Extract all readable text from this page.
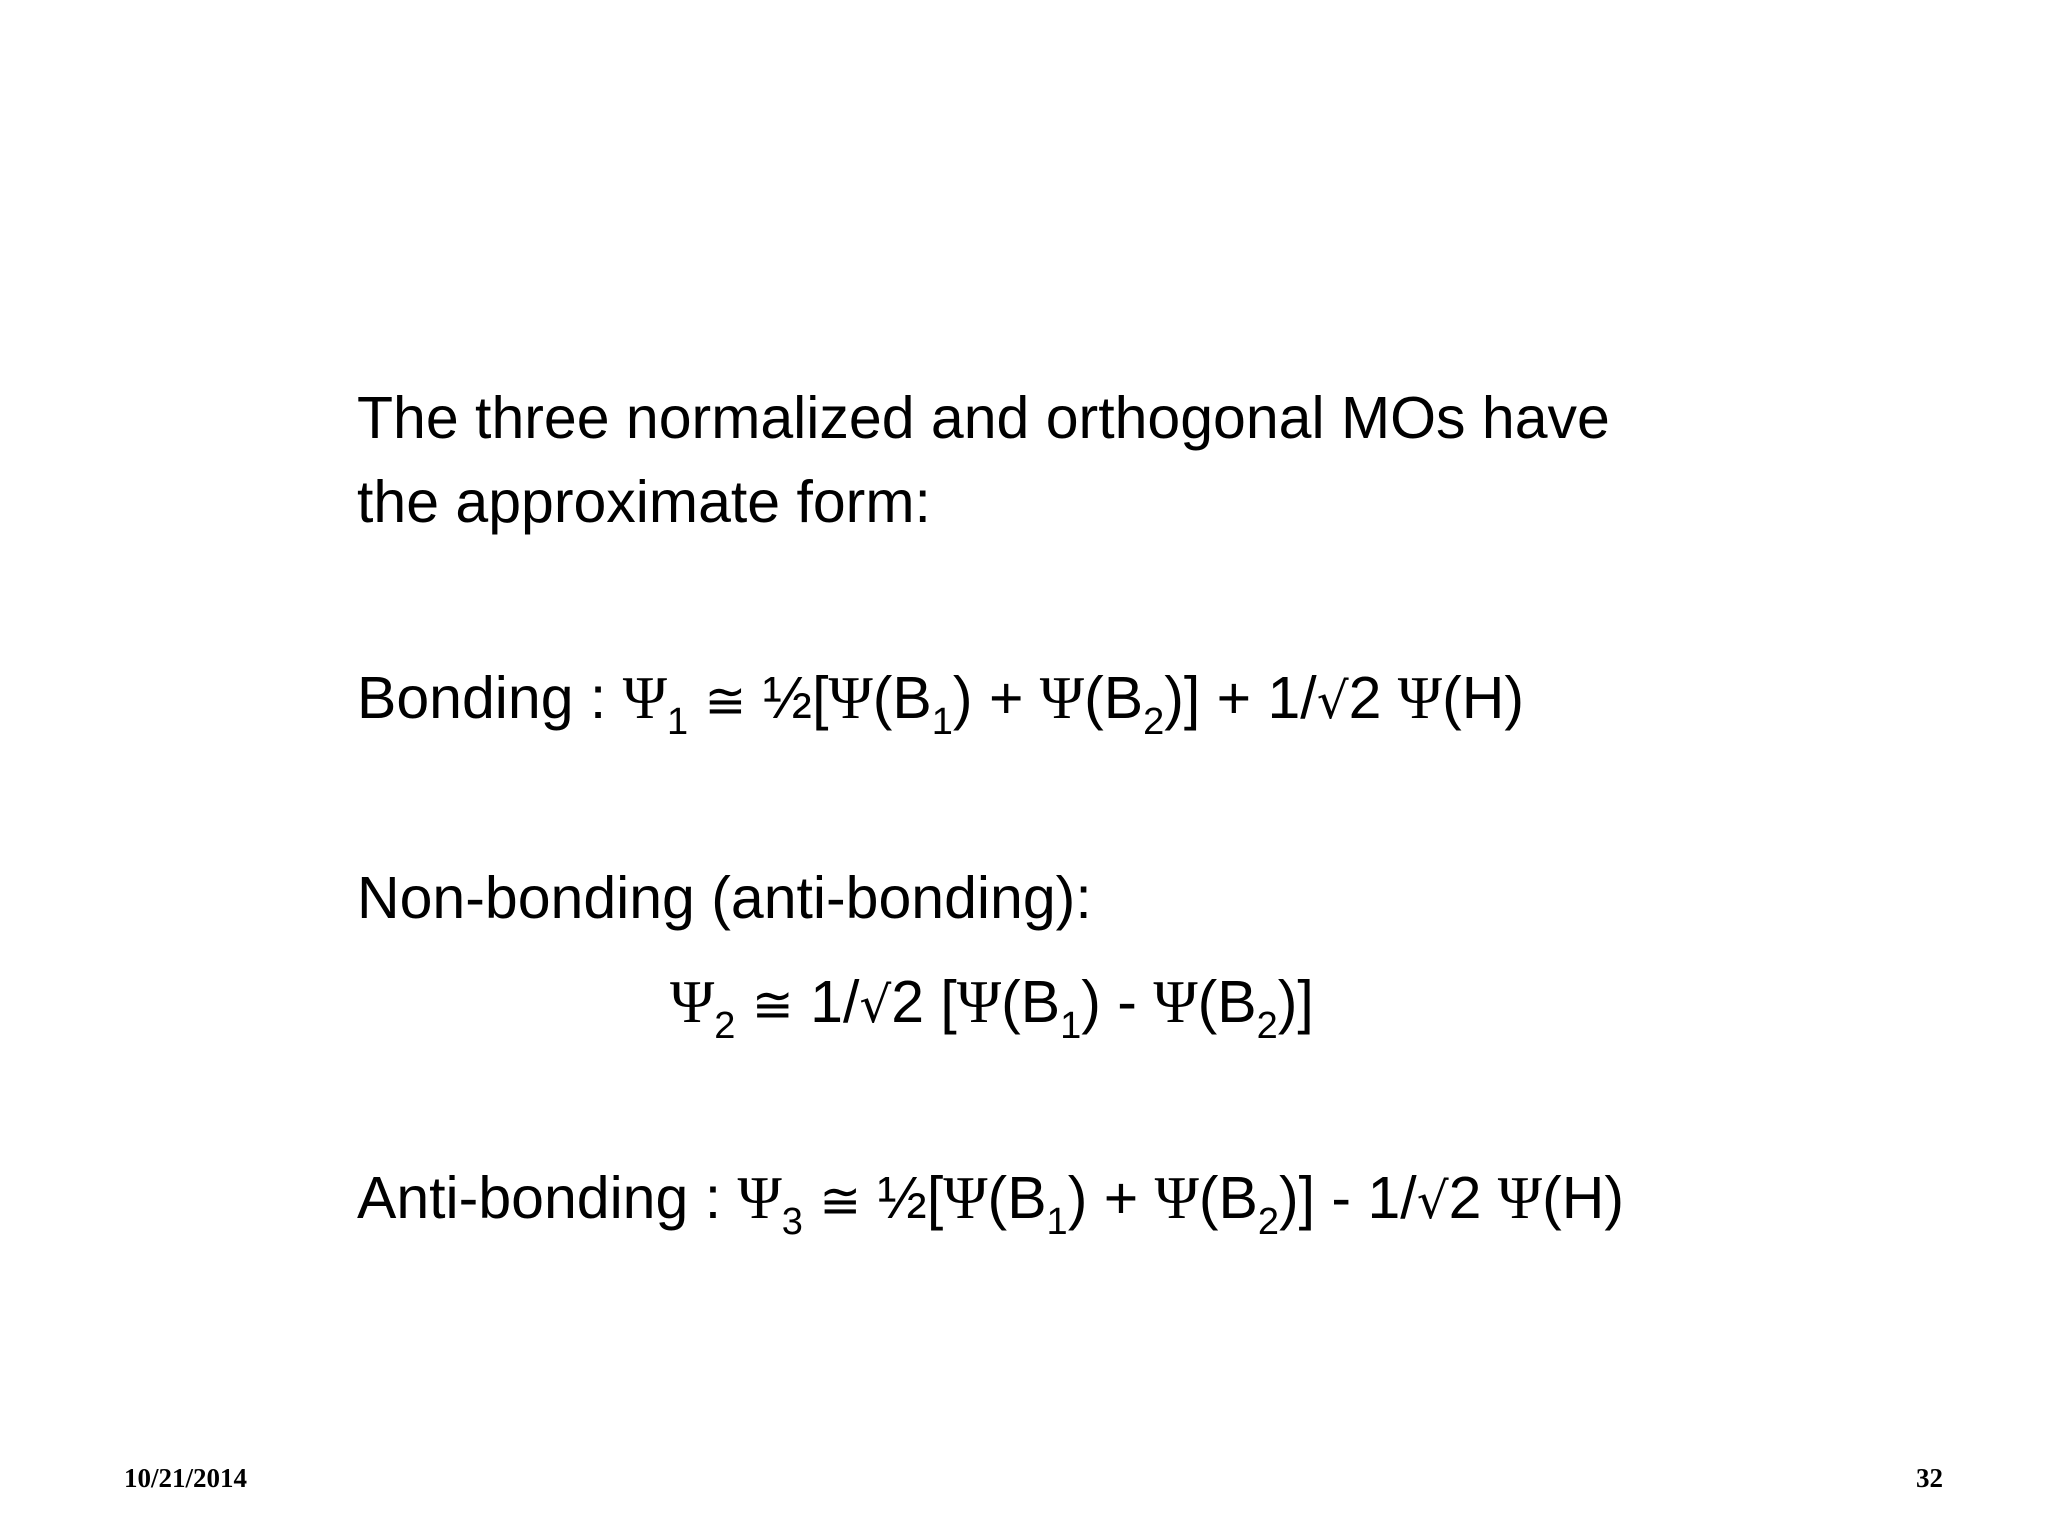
The three normalized and orthogonal MOs have
the approximate form:
Bonding : $\Psi_1$ ≅ $\frac{1}{2}[\Psi(B_1) + \Psi(B_2)] + 1/√2$ Ψ(H)
Non-bonding (anti-bonding):
$\Psi_2$ ≅ 1/√2 $[\Psi(B_1) - \Psi(B_2)]$
Anti-bonding : $\Psi_3$ ≅ $\frac{1}{2}[\Psi(B_1) + \Psi(B_2)] - 1/√2$ Ψ(H)
10/21/2014	32
